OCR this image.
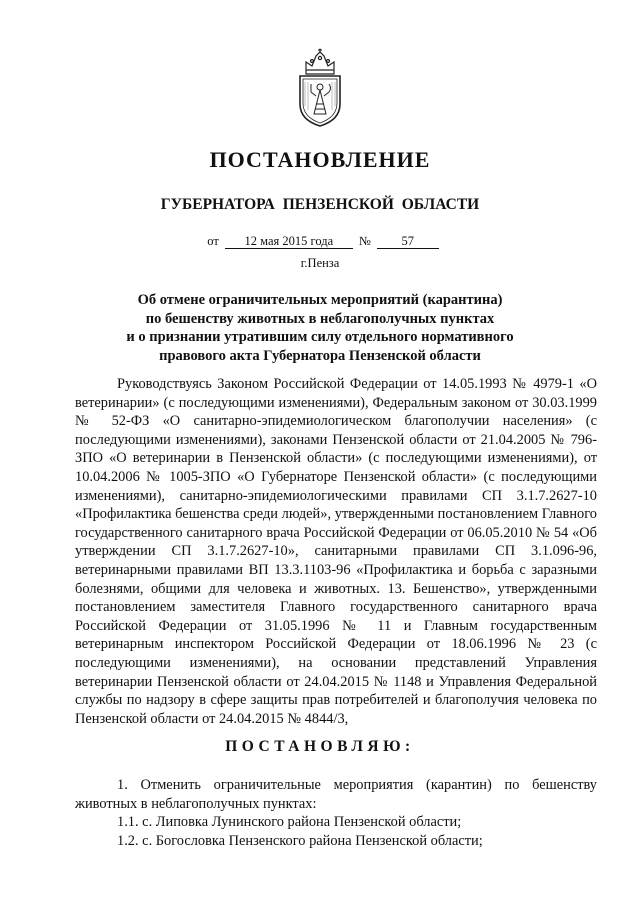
ПОСТАНОВЛЕНИЕ
ГУБЕРНАТОРА ПЕНЗЕНСКОЙ ОБЛАСТИ
от 12 мая 2015 года № 57
г.Пенза
Об отмене ограничительных мероприятий (карантина)
по бешенству животных в неблагополучных пунктах
и о признании утратившим силу отдельного нормативного
правового акта Губернатора Пензенской области

Руководствуясь Законом Российской Федерации от 14.05.1993 № 4979-1 «О ветеринарии» (с последующими изменениями), Федеральным законом от 30.03.1999 № 52-ФЗ «О санитарно-эпидемиологическом благополучии населения» (с последующими изменениями), законами Пензенской области от 21.04.2005 № 796-ЗПО «О ветеринарии в Пензенской области» (с последующими изменениями), от 10.04.2006 № 1005-ЗПО «О Губернаторе Пензенской области» (с последующими изменениями), санитарно-эпидемиологическими правилами СП 3.1.7.2627-10 «Профилактика бешенства среди людей», утвержденными постановлением Главного государственного санитарного врача Российской Федерации от 06.05.2010 № 54 «Об утверждении СП 3.1.7.2627-10», санитарными правилами СП 3.1.096-96, ветеринарными правилами ВП 13.3.1103-96 «Профилактика и борьба с заразными болезнями, общими для человека и животных. 13. Бешенство», утвержденными постановлением заместителя Главного государственного санитарного врача Российской Федерации от 31.05.1996 № 11 и Главным государственным ветеринарным инспектором Российской Федерации от 18.06.1996 № 23 (с последующими изменениями), на основании представлений Управления ветеринарии Пензенской области от 24.04.2015 № 1148 и Управления Федеральной службы по надзору в сфере защиты прав потребителей и благополучия человека по Пензенской области от 24.04.2015 № 4844/3,

ПОСТАНОВЛЯЮ:

1. Отменить ограничительные мероприятия (карантин) по бешенству животных в неблагополучных пунктах:

1.1. с. Липовка Лунинского района Пензенской области;
1.2. с. Богословка Пензенского района Пензенской области;
